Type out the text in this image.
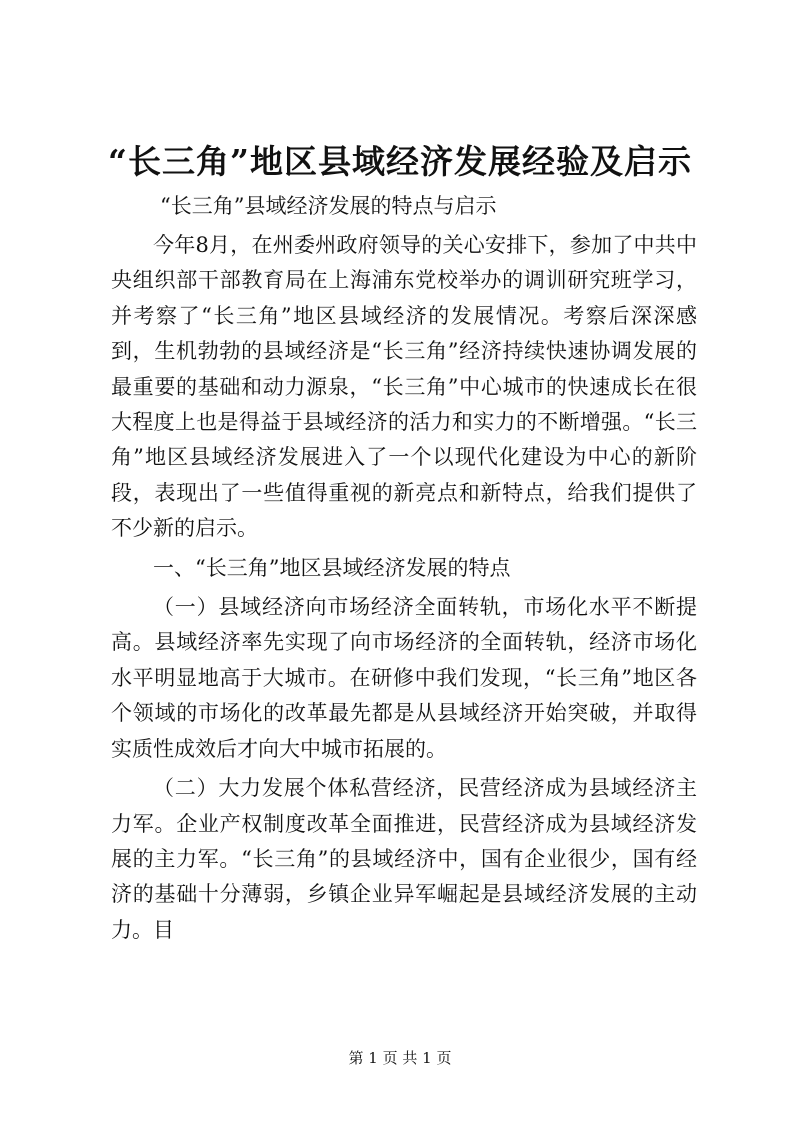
“长三角”地区县域经济发展经验及启示

“长三角”县域经济发展的特点与启示

今年8月，在州委州政府领导的关心安排下，参加了中共中央组织部干部教育局在上海浦东党校举办的调训研究班学习，并考察了“长三角”地区县域经济的发展情况。考察后深深感到，生机勃勃的县域经济是“长三角”经济持续快速协调发展的最重要的基础和动力源泉，“长三角”中心城市的快速成长在很大程度上也是得益于县域经济的活力和实力的不断增强。“长三角”地区县域经济发展进入了一个以现代化建设为中心的新阶段，表现出了一些值得重视的新亮点和新特点，给我们提供了不少新的启示。

一、“长三角”地区县域经济发展的特点

（一）县域经济向市场经济全面转轨，市场化水平不断提高。县域经济率先实现了向市场经济的全面转轨，经济市场化水平明显地高于大城市。在研修中我们发现，“长三角”地区各个领域的市场化的改革最先都是从县域经济开始突破，并取得实质性成效后才向大中城市拓展的。

（二）大力发展个体私营经济，民营经济成为县域经济主力军。企业产权制度改革全面推进，民营经济成为县域经济发展的主力军。“长三角”的县域经济中，国有企业很少，国有经济的基础十分薄弱，乡镇企业异军崛起是县域经济发展的主动力。目

第 1 页 共 1 页
